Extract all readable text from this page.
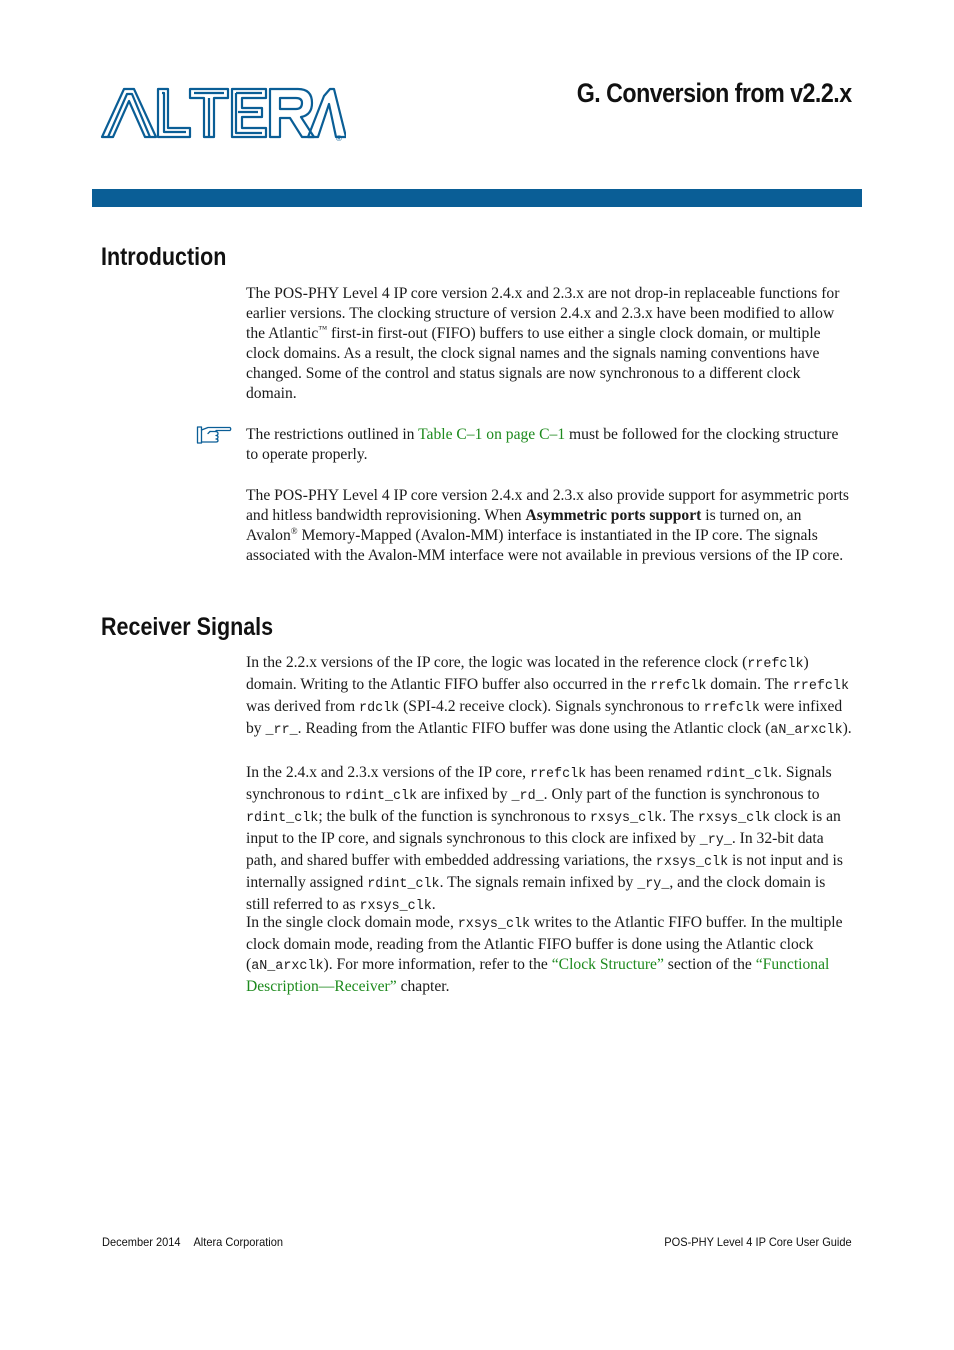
®
G. Conversion from v2.2.x
Introduction

The POS-PHY Level 4 IP core version 2.4.x and 2.3.x are not drop-in replaceable functions for earlier versions. The clocking structure of version 2.4.x and 2.3.x have been modified to allow the Atlantic™ first-in first-out (FIFO) buffers to use either a single clock domain, or multiple clock domains. As a result, the clock signal names and the signals naming conventions have changed. Some of the control and status signals are now synchronous to a different clock domain.

The restrictions outlined in Table C–1 on page C–1 must be followed for the clocking structure to operate properly.

The POS-PHY Level 4 IP core version 2.4.x and 2.3.x also provide support for asymmetric ports and hitless bandwidth reprovisioning. When Asymmetric ports support is turned on, an Avalon® Memory-Mapped (Avalon-MM) interface is instantiated in the IP core. The signals associated with the Avalon-MM interface were not available in previous versions of the IP core.

Receiver Signals

In the 2.2.x versions of the IP core, the logic was located in the reference clock (rrefclk) domain. Writing to the Atlantic FIFO buffer also occurred in the rrefclk domain. The rrefclk was derived from rdclk (SPI-4.2 receive clock). Signals synchronous to rrefclk were infixed by _rr_. Reading from the Atlantic FIFO buffer was done using the Atlantic clock (aN_arxclk).

In the 2.4.x and 2.3.x versions of the IP core, rrefclk has been renamed rdint_clk. Signals synchronous to rdint_clk are infixed by _rd_. Only part of the function is synchronous to rdint_clk; the bulk of the function is synchronous to rxsys_clk. The rxsys_clk clock is an input to the IP core, and signals synchronous to this clock are infixed by _ry_. In 32-bit data path, and shared buffer with embedded addressing variations, the rxsys_clk is not input and is internally assigned rdint_clk. The signals remain infixed by _ry_, and the clock domain is still referred to as rxsys_clk.

In the single clock domain mode, rxsys_clk writes to the Atlantic FIFO buffer. In the multiple clock domain mode, reading from the Atlantic FIFO buffer is done using the Atlantic clock (aN_arxclk). For more information, refer to the “Clock Structure” section of the “Functional Description—Receiver” chapter.

December 2014 Altera Corporation	POS-PHY Level 4 IP Core User Guide
